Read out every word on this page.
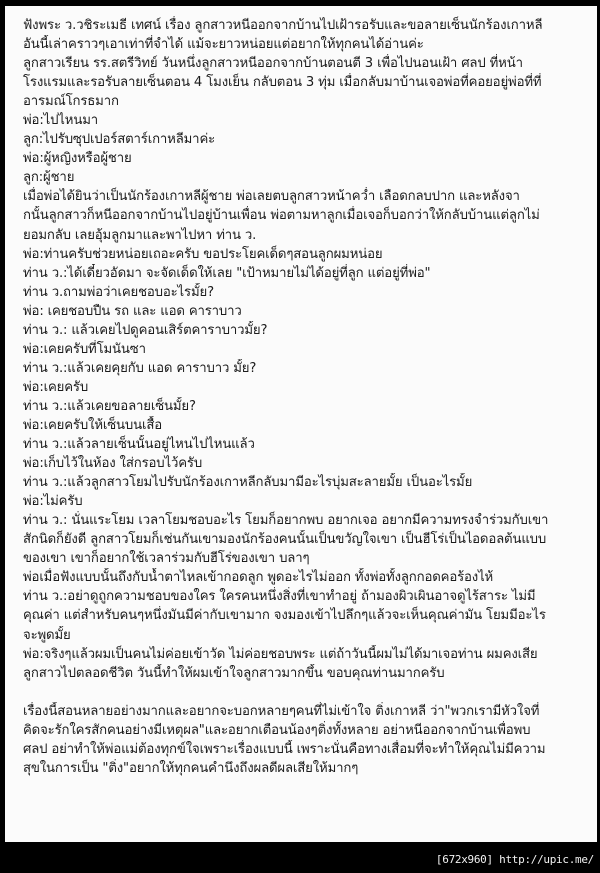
ฟังพระ ว.วชิระเมธี เทศน์ เรื่อง ลูกสาวหนีออกจากบ้านไปเฝ้ารอรับและขอลายเซ็นนักร้องเกาหลี
อันนี้เล่าคราวๆเอาเท่าที่จำได้ แม้จะยาวหน่อยแต่อยากให้ทุกคนได้อ่านค่ะ
ลูกสาวเรียน รร.สตรีวิทย์ วันหนึ่งลูกสาวหนีออกจากบ้านตอนตี 3 เพื่อไปนอนเฝ้า ศลป ที่หน้า
โรงแรมและรอรับลายเซ็นตอน 4 โมงเย็น กลับตอน 3 ทุ่ม เมื่อกลับมาบ้านเจอพ่อที่คอยอยู่พ่อที่ที่
อารมณ์โกรธมาก
พ่อ:ไปไหนมา
ลูก:ไปรับซุปเปอร์สตาร์เกาหลีมาค่ะ
พ่อ:ผู้หญิงหรือผู้ชาย
ลูก:ผู้ชาย
เมื่อพ่อได้ยินว่าเป็นนักร้องเกาหลีผู้ชาย พ่อเลยตบลูกสาวหน้าคว่ำ เลือดกลบปาก และหลังจา
กนั้นลูกสาวก็หนีออกจากบ้านไปอยู่บ้านเพื่อน พ่อตามหาลูกเมื่อเจอก็บอกว่าให้กลับบ้านแต่ลูกไม่
ยอมกลับ เลยอุ้มลูกมาและพาไปหา ท่าน ว.
พ่อ:ท่านครับช่วยหน่อยเถอะครับ ขอประโยคเด็ดๆสอนลูกผมหน่อย
ท่าน ว.:ได้เดี๋ยวอัดมา จะจัดเด็ดให้เลย "เป้าหมายไม่ได้อยู่ที่ลูก แต่อยู่ที่พ่อ"
ท่าน ว.ถามพ่อว่าเคยชอบอะไรมั้ย?
พ่อ: เคยชอบปืน รถ และ แอด คาราบาว
ท่าน ว.: แล้วเคยไปดูคอนเสิร์ตคาราบาวมั้ย?
พ่อ:เคยครับที่โมนันซา
ท่าน ว.:แล้วเคยคุยกับ แอด คาราบาว มั้ย?
พ่อ:เคยครับ
ท่าน ว.:แล้วเคยขอลายเซ็นมั้ย?
พ่อ:เคยครับให้เซ็นบนเสื้อ
ท่าน ว.:แล้วลายเซ็นนั้นอยู่ไหนไปไหนแล้ว
พ่อ:เก็บไว้ในห้อง ใส่กรอบไว้ครับ
ท่าน ว.:แล้วลูกสาวโยมไปรับนักร้องเกาหลีกลับมามีอะไรบุ่มสะลายมั้ย เป็นอะไรมั้ย
พ่อ:ไม่ครับ
ท่าน ว.: นั่นแระโยม เวลาโยมชอบอะไร โยมก็อยากพบ อยากเจอ อยากมีความทรงจำร่วมกับเขา
สักนิดก็ยังดี ลูกสาวโยมก็เช่นกันเขามองนักร้องคนนั้นเป็นขวัญใจเขา เป็นฮีโร่เป็นไอดอลต้นแบบ
ของเขา เขาก็อยากใช้เวลาร่วมกับฮีโร่ของเขา บลาๆ
พ่อเมื่อฟังแบบนั้นถึงกับน้ำตาไหลเข้ากอดลูก พูดอะไรไม่ออก ทั้งพ่อทั้งลูกกอดคอร้องไห้
ท่าน ว.:อย่าดูถูกความชอบของใคร ใครคนหนึ่งสิ่งที่เขาทำอยู่ ถ้ามองผิวเผินอาจดูไร้สาระ ไม่มี
คุณค่า แต่สำหรับคนๆหนึ่งมันมีค่ากับเขามาก จงมองเข้าไปลึกๆแล้วจะเห็นคุณค่ามัน โยมมีอะไร
จะพูดมั้ย
พ่อ:จริงๆแล้วผมเป็นคนไม่ค่อยเข้าวัด ไม่ค่อยชอบพระ แต่ถ้าวันนี้ผมไม่ได้มาเจอท่าน ผมคงเสีย
ลูกสาวไปตลอดชีวิต วันนี้ทำให้ผมเข้าใจลูกสาวมากขึ้น ขอบคุณท่านมากครับ
เรื่องนี้สอนหลายอย่างมากและอยากจะบอกหลายๆคนที่ไม่เข้าใจ ติ่งเกาหลี ว่า"พวกเรามีหัวใจที่
คิดจะรักใครสักคนอย่างมีเหตุผล"และอยากเตือนน้องๆติ่งทั้งหลาย อย่าหนีออกจากบ้านเพื่อพบ
ศลป อย่าทำให้พ่อแม่ต้องทุกข์ใจเพราะเรื่องแบบนี้ เพราะนั่นคือทางเสื่อมที่จะทำให้คุณไม่มีความ
สุขในการเป็น "ติ่ง"อยากให้ทุกคนคำนึงถึงผลดีผลเสียให้มากๆ
[672x960] http://upic.me/
